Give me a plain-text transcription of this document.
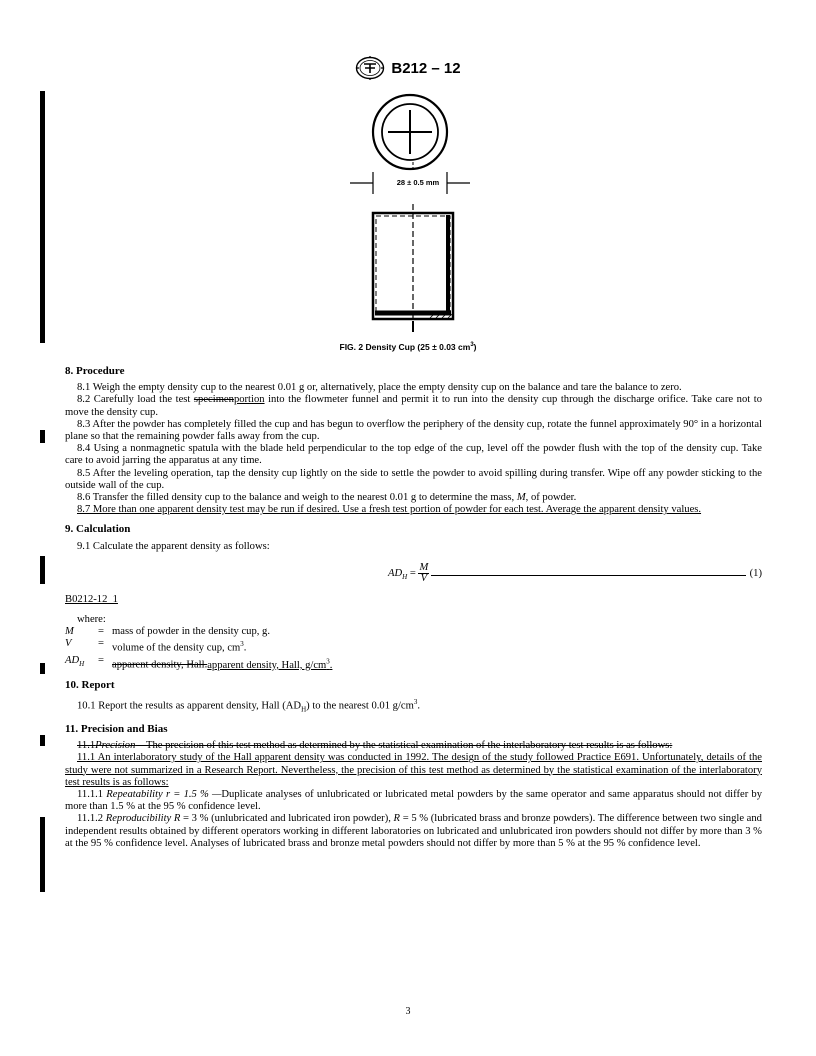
B212 – 12
28 ± 0.5 mm
FIG. 2 Density Cup (25 ± 0.03 $cm^3$)
8. Procedure

8.1 Weigh the empty density cup to the nearest 0.01 g or, alternatively, place the empty density cup on the balance and tare the balance to zero.

8.2 Carefully load the test specimenportion into the flowmeter funnel and permit it to run into the density cup through the discharge orifice. Take care not to move the density cup.

8.3 After the powder has completely filled the cup and has begun to overflow the periphery of the density cup, rotate the funnel approximately 90° in a horizontal plane so that the remaining powder falls away from the cup.

8.4 Using a nonmagnetic spatula with the blade held perpendicular to the top edge of the cup, level off the powder flush with the top of the density cup. Take care to avoid jarring the apparatus at any time.

8.5 After the leveling operation, tap the density cup lightly on the side to settle the powder to avoid spilling during transfer. Wipe off any powder sticking to the outside wall of the cup.

8.6 Transfer the filled density cup to the balance and weigh to the nearest 0.01 g to determine the mass, M, of powder.

8.7 More than one apparent density test may be run if desired. Use a fresh test portion of powder for each test. Average the apparent density values.

9. Calculation

9.1 Calculate the apparent density as follows:

$AD_H = \frac{M}{V}$	(1)
B0212-12_1
where:
M	= mass of powder in the density cup, g.
V	= volume of the density cup, $cm^3$.
$AD_H$	= apparent density, Hall.apparent density, Hall, $g/cm^3$.
10. Report

10.1 Report the results as apparent density, Hall $(AD_H)$ to the nearest 0.01 $g/cm^3$.

11. Precision and Bias

11.1Precision—The precision of this test method as determined by the statistical examination of the interlaboratory test results is as follows:

11.1 An interlaboratory study of the Hall apparent density was conducted in 1992. The design of the study followed Practice E691. Unfortunately, details of the study were not summarized in a Research Report. Nevertheless, the precision of this test method as determined by the statistical examination of the interlaboratory test results is as follows:

11.1.1 Repeatability r = 1.5 % —Duplicate analyses of unlubricated or lubricated metal powders by the same operator and same apparatus should not differ by more than 1.5 % at the 95 % confidence level.

11.1.2 Reproducibility R = 3 % (unlubricated and lubricated iron powder), R = 5 % (lubricated brass and bronze powders). The difference between two single and independent results obtained by different operators working in different laboratories on lubricated and unlubricated iron powders should not differ by more than 3 % at the 95 % confidence level. Analyses of lubricated brass and bronze metal powders should not differ by more than 5 % at the 95 % confidence level.

3
